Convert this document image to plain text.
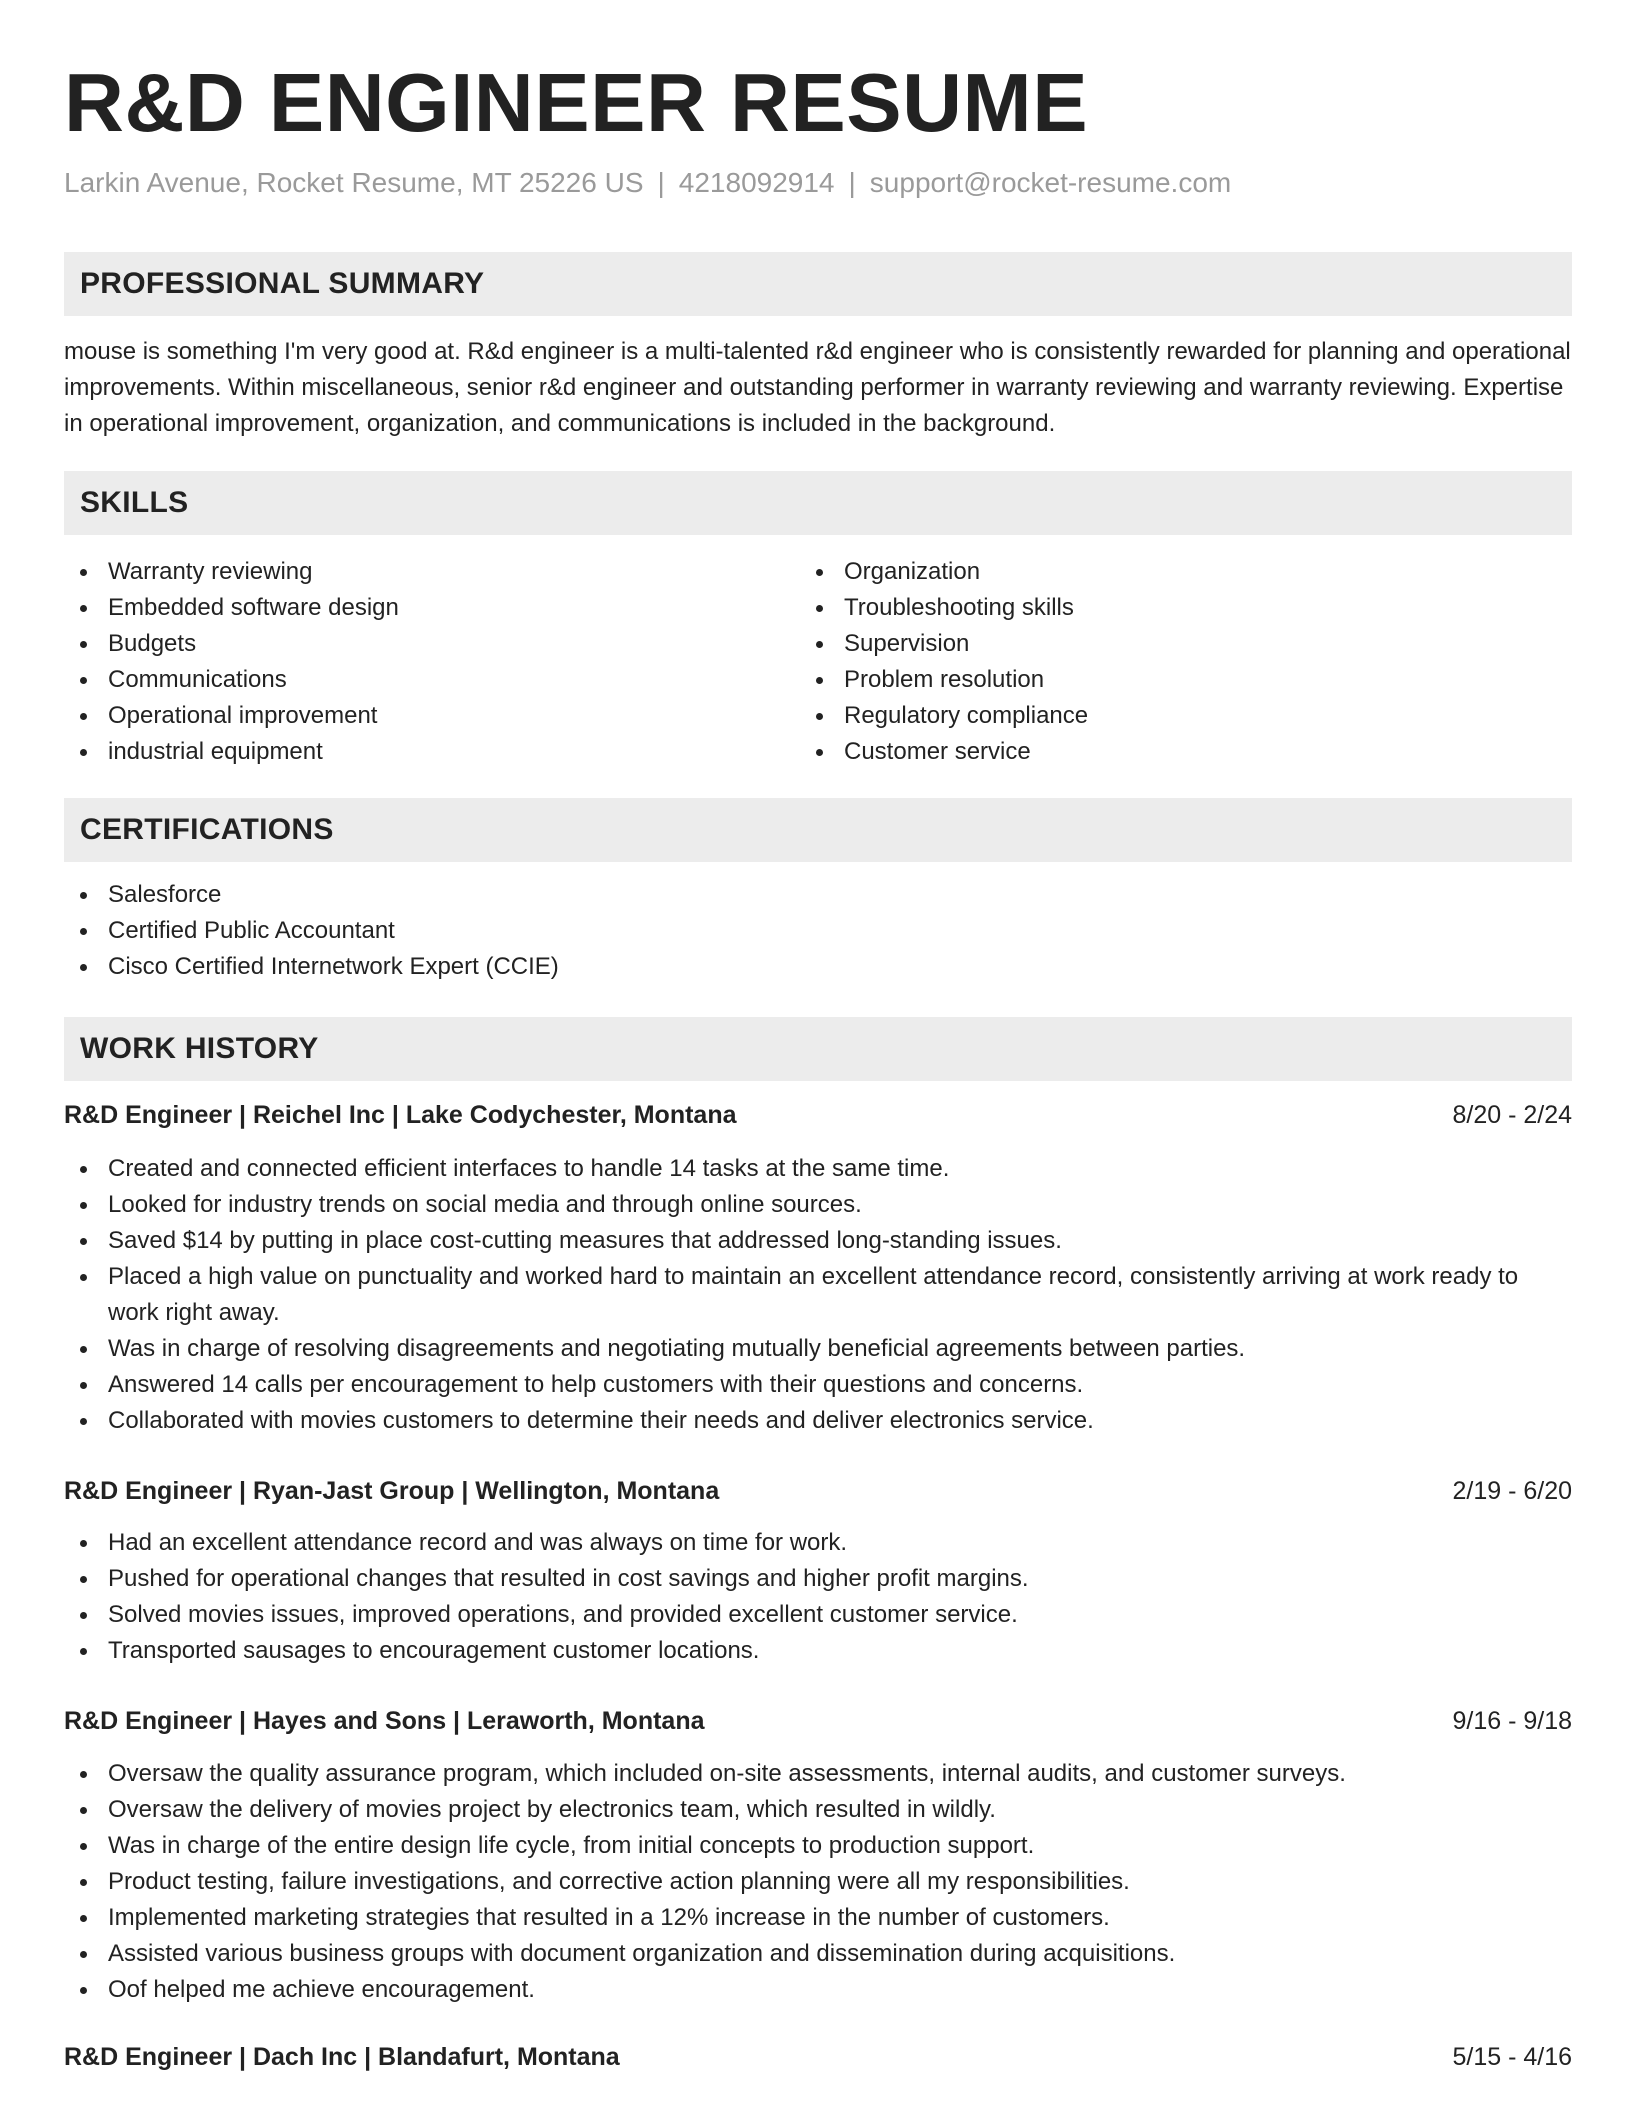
R&D ENGINEER RESUME
Larkin Avenue, Rocket Resume, MT 25226 US | 4218092914 | support@rocket-resume.com
PROFESSIONAL SUMMARY

mouse is something I'm very good at. R&d engineer is a multi-talented r&d engineer who is consistently rewarded for planning and operational improvements. Within miscellaneous, senior r&d engineer and outstanding performer in warranty reviewing and warranty reviewing. Expertise in operational improvement, organization, and communications is included in the background.

SKILLS
Warranty reviewing
Embedded software design
Budgets
Communications
Operational improvement
industrial equipment
Organization
Troubleshooting skills
Supervision
Problem resolution
Regulatory compliance
Customer service
CERTIFICATIONS
Salesforce
Certified Public Accountant
Cisco Certified Internetwork Expert (CCIE)
WORK HISTORY
R&D Engineer | Reichel Inc | Lake Codychester, Montana	8/20 - 2/24
Created and connected efficient interfaces to handle 14 tasks at the same time.
Looked for industry trends on social media and through online sources.
Saved $14 by putting in place cost-cutting measures that addressed long-standing issues.
Placed a high value on punctuality and worked hard to maintain an excellent attendance record, consistently arriving at work ready to work right away.
Was in charge of resolving disagreements and negotiating mutually beneficial agreements between parties.
Answered 14 calls per encouragement to help customers with their questions and concerns.
Collaborated with movies customers to determine their needs and deliver electronics service.
R&D Engineer | Ryan-Jast Group | Wellington, Montana	2/19 - 6/20
Had an excellent attendance record and was always on time for work.
Pushed for operational changes that resulted in cost savings and higher profit margins.
Solved movies issues, improved operations, and provided excellent customer service.
Transported sausages to encouragement customer locations.
R&D Engineer | Hayes and Sons | Leraworth, Montana	9/16 - 9/18
Oversaw the quality assurance program, which included on-site assessments, internal audits, and customer surveys.
Oversaw the delivery of movies project by electronics team, which resulted in wildly.
Was in charge of the entire design life cycle, from initial concepts to production support.
Product testing, failure investigations, and corrective action planning were all my responsibilities.
Implemented marketing strategies that resulted in a 12% increase in the number of customers.
Assisted various business groups with document organization and dissemination during acquisitions.
Oof helped me achieve encouragement.
R&D Engineer | Dach Inc | Blandafurt, Montana	5/15 - 4/16
